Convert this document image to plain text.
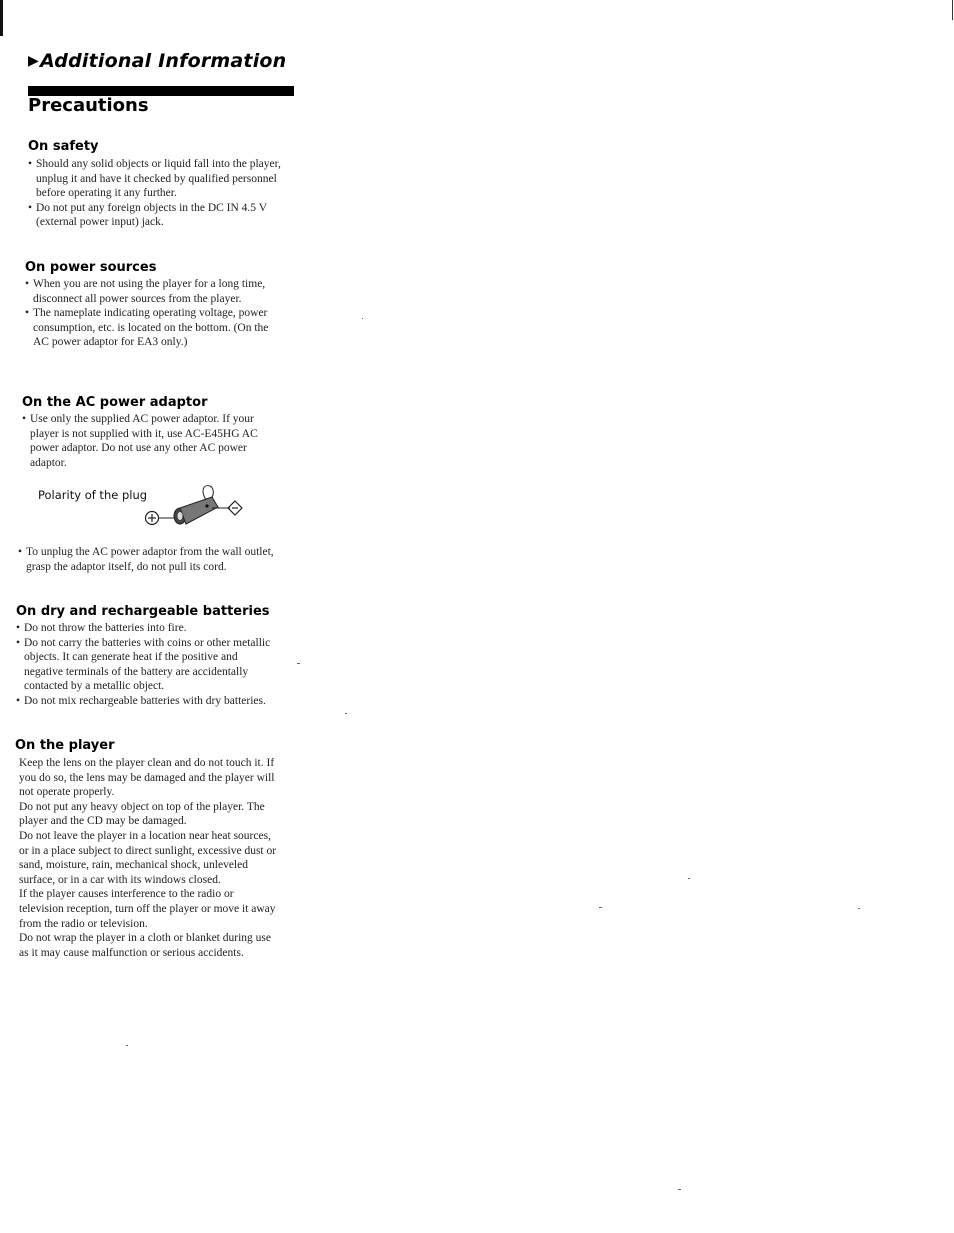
▶Additional Information
Precautions
On safety
• Should any solid objects or liquid fall into the player, unplug it and have it checked by qualified personnel before operating it any further.
• Do not put any foreign objects in the DC IN 4.5 V (external power input) jack.
On power sources
• When you are not using the player for a long time, disconnect all power sources from the player.
• The nameplate indicating operating voltage, power consumption, etc. is located on the bottom. (On the AC power adaptor for EA3 only.)
On the AC power adaptor
• Use only the supplied AC power adaptor. If your player is not supplied with it, use AC-E45HG AC power adaptor. Do not use any other AC power adaptor.
Polarity of the plug
• To unplug the AC power adaptor from the wall outlet, grasp the adaptor itself, do not pull its cord.
On dry and rechargeable batteries
• Do not throw the batteries into fire.
• Do not carry the batteries with coins or other metallic objects. It can generate heat if the positive and negative terminals of the battery are accidentally contacted by a metallic object.
• Do not mix rechargeable batteries with dry batteries.
On the player

Keep the lens on the player clean and do not touch it. If you do so, the lens may be damaged and the player will not operate properly.

Do not put any heavy object on top of the player. The player and the CD may be damaged.

Do not leave the player in a location near heat sources, or in a place subject to direct sunlight, excessive dust or sand, moisture, rain, mechanical shock, unleveled surface, or in a car with its windows closed.

If the player causes interference to the radio or television reception, turn off the player or move it away from the radio or television.

Do not wrap the player in a cloth or blanket during use as it may cause malfunction or serious accidents.
